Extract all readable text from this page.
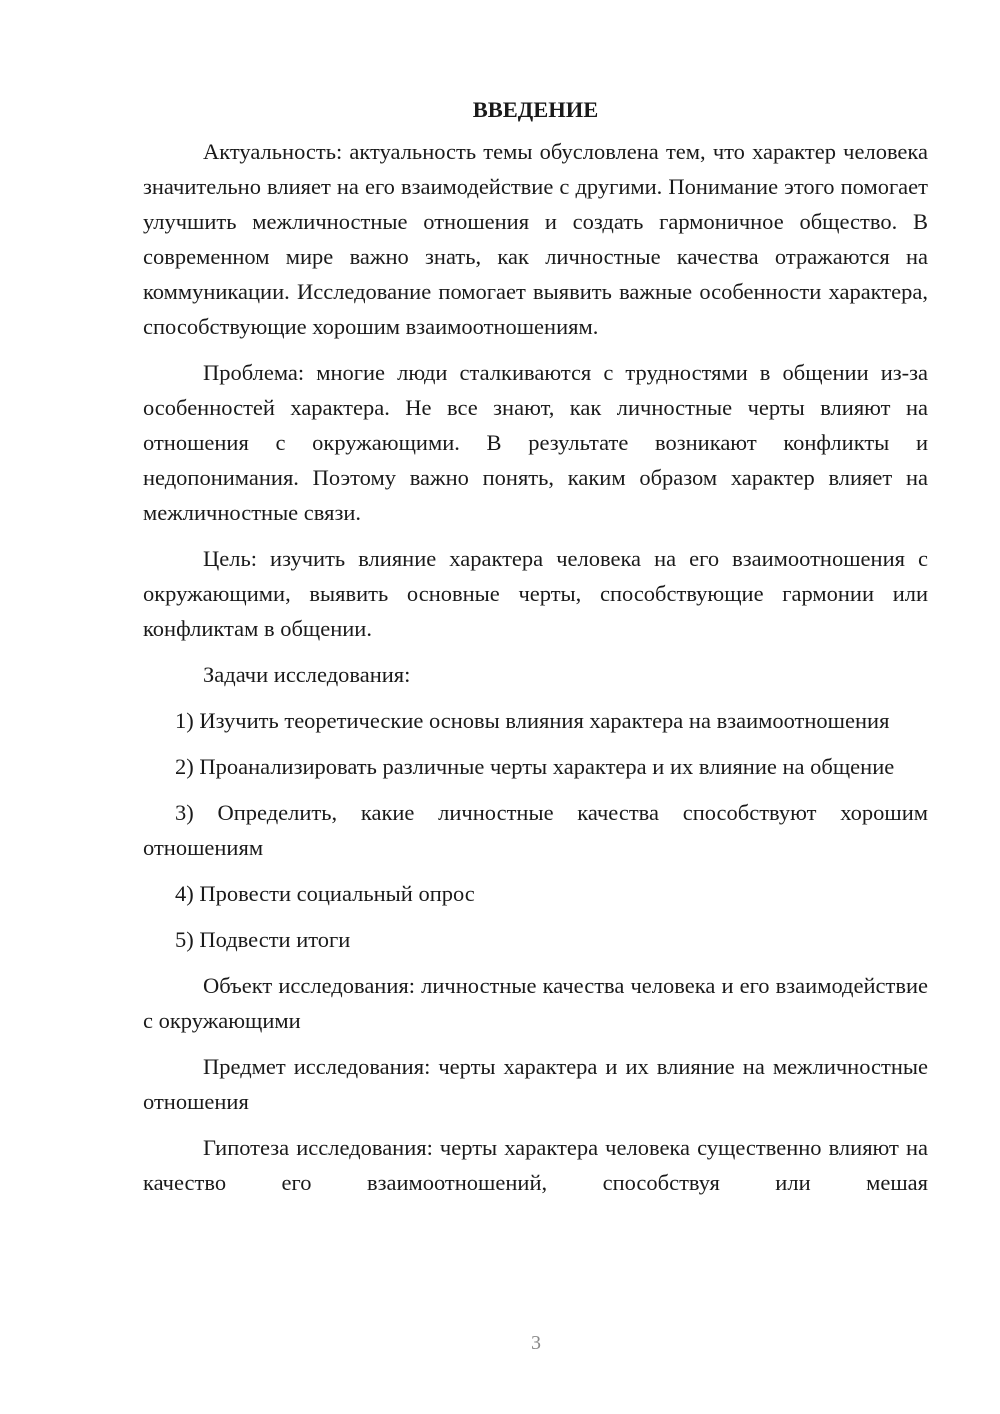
ВВЕДЕНИЕ

Актуальность: актуальность темы обусловлена тем, что характер человека значительно влияет на его взаимодействие с другими. Понимание этого помогает улучшить межличностные отношения и создать гармоничное общество. В современном мире важно знать, как личностные качества отражаются на коммуникации. Исследование помогает выявить важные особенности характера, способствующие хорошим взаимоотношениям.

Проблема: многие люди сталкиваются с трудностями в общении из-за особенностей характера. Не все знают, как личностные черты влияют на отношения с окружающими. В результате возникают конфликты и недопонимания. Поэтому важно понять, каким образом характер влияет на межличностные связи.

Цель: изучить влияние характера человека на его взаимоотношения с окружающими, выявить основные черты, способствующие гармонии или конфликтам в общении.

Задачи исследования:

1) Изучить теоретические основы влияния характера на взаимоотношения

2) Проанализировать различные черты характера и их влияние на общение

3) Определить, какие личностные качества способствуют хорошим отношениям

4) Провести социальный опрос

5) Подвести итоги

Объект исследования: личностные качества человека и его взаимодействие с окружающими

Предмет исследования: черты характера и их влияние на межличностные отношения

Гипотеза исследования: черты характера человека существенно влияют на качество его взаимоотношений, способствуя или мешая

3
